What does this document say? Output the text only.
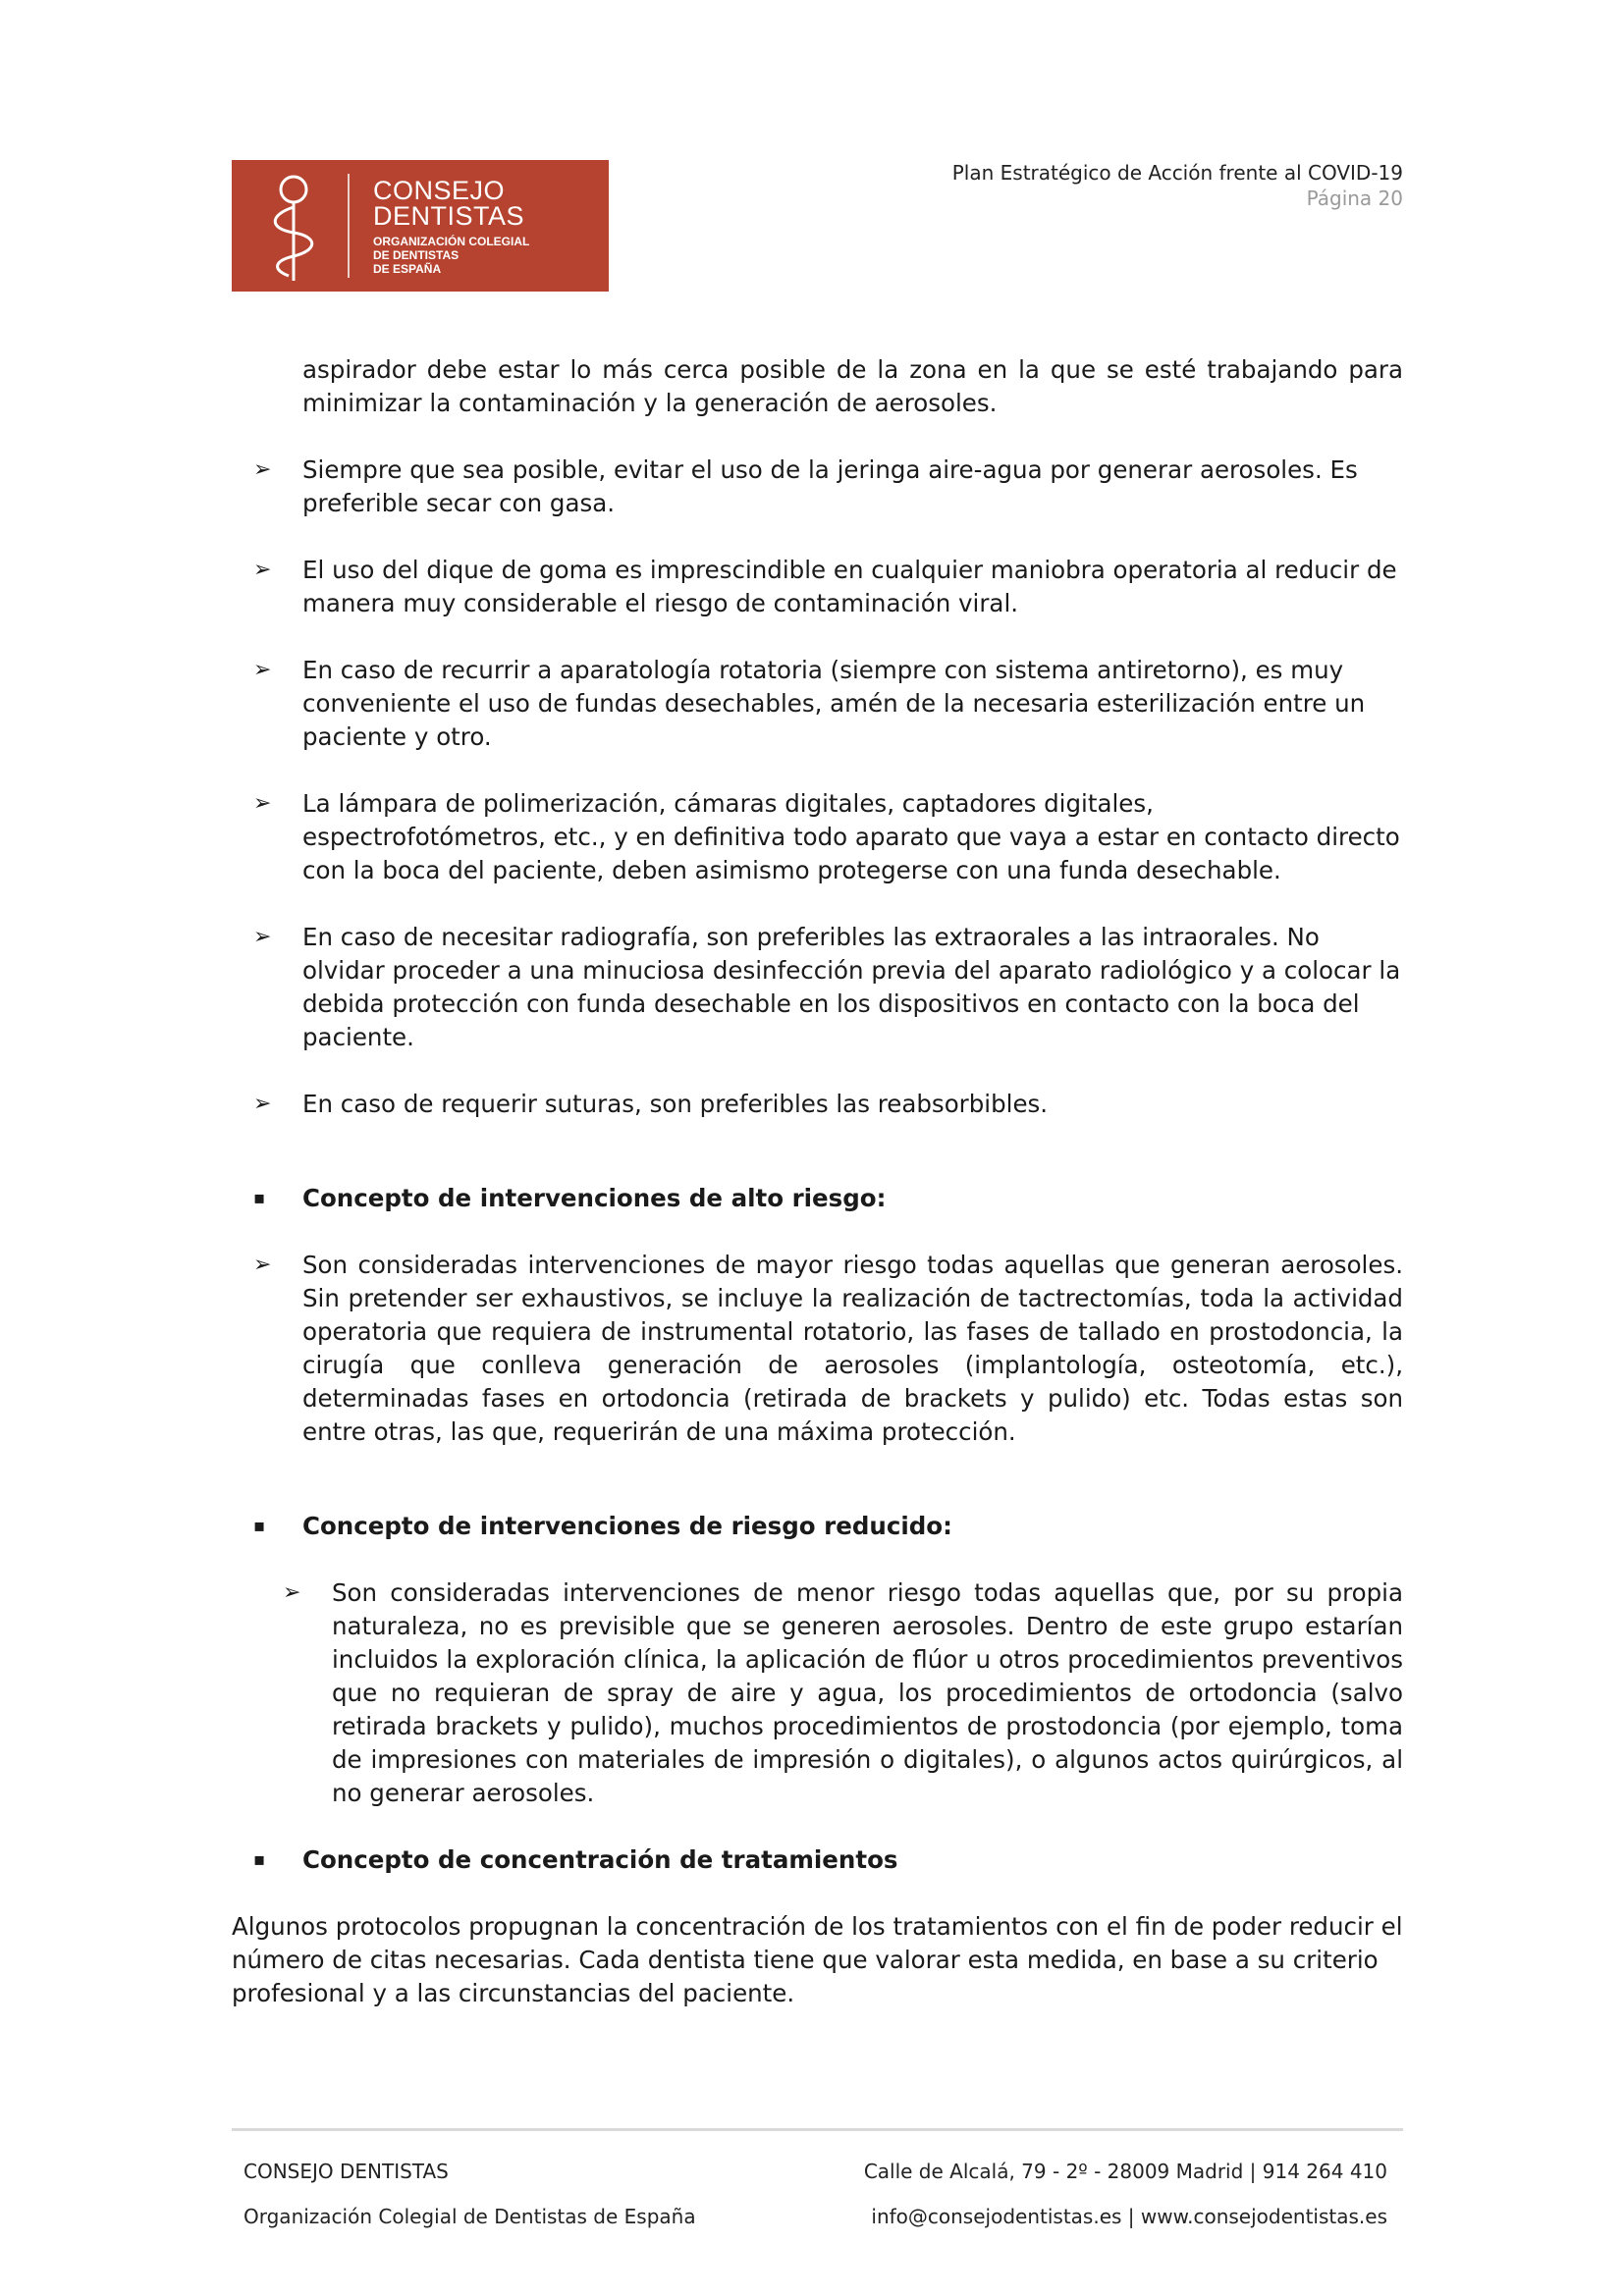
CONSEJO
DENTISTAS
ORGANIZACIÓN COLEGIAL
DE DENTISTAS
DE ESPAÑA
Plan Estratégico de Acción frente al COVID-19
Página 20

aspirador debe estar lo más cerca posible de la zona en la que se esté trabajando para minimizar la contaminación y la generación de aerosoles.

➢ Siempre que sea posible, evitar el uso de la jeringa aire-agua por generar aerosoles. Es preferible secar con gasa.

➢ El uso del dique de goma es imprescindible en cualquier maniobra operatoria al reducir de manera muy considerable el riesgo de contaminación viral.

➢ En caso de recurrir a aparatología rotatoria (siempre con sistema antiretorno), es muy conveniente el uso de fundas desechables, amén de la necesaria esterilización entre un paciente y otro.

➢ La lámpara de polimerización, cámaras digitales, captadores digitales, espectrofotómetros, etc., y en definitiva todo aparato que vaya a estar en contacto directo con la boca del paciente, deben asimismo protegerse con una funda desechable.

➢ En caso de necesitar radiografía, son preferibles las extraorales a las intraorales. No olvidar proceder a una minuciosa desinfección previa del aparato radiológico y a colocar la debida protección con funda desechable en los dispositivos en contacto con la boca del paciente.

➢ En caso de requerir suturas, son preferibles las reabsorbibles.

▪ Concepto de intervenciones de alto riesgo:

➢ Son consideradas intervenciones de mayor riesgo todas aquellas que generan aerosoles. Sin pretender ser exhaustivos, se incluye la realización de tactrectomías, toda la actividad operatoria que requiera de instrumental rotatorio, las fases de tallado en prostodoncia, la cirugía que conlleva generación de aerosoles (implantología, osteotomía, etc.), determinadas fases en ortodoncia (retirada de brackets y pulido) etc. Todas estas son entre otras, las que, requerirán de una máxima protección.

▪ Concepto de intervenciones de riesgo reducido:

➢ Son consideradas intervenciones de menor riesgo todas aquellas que, por su propia naturaleza, no es previsible que se generen aerosoles. Dentro de este grupo estarían incluidos la exploración clínica, la aplicación de flúor u otros procedimientos preventivos que no requieran de spray de aire y agua, los procedimientos de ortodoncia (salvo retirada brackets y pulido), muchos procedimientos de prostodoncia (por ejemplo, toma de impresiones con materiales de impresión o digitales), o algunos actos quirúrgicos, al no generar aerosoles.

▪ Concepto de concentración de tratamientos

Algunos protocolos propugnan la concentración de los tratamientos con el fin de poder reducir el número de citas necesarias. Cada dentista tiene que valorar esta medida, en base a su criterio profesional y a las circunstancias del paciente.

CONSEJO DENTISTAS	Calle de Alcalá, 79 - 2º - 28009 Madrid | 914 264 410
Organización Colegial de Dentistas de España	info@consejodentistas.es | www.consejodentistas.es
